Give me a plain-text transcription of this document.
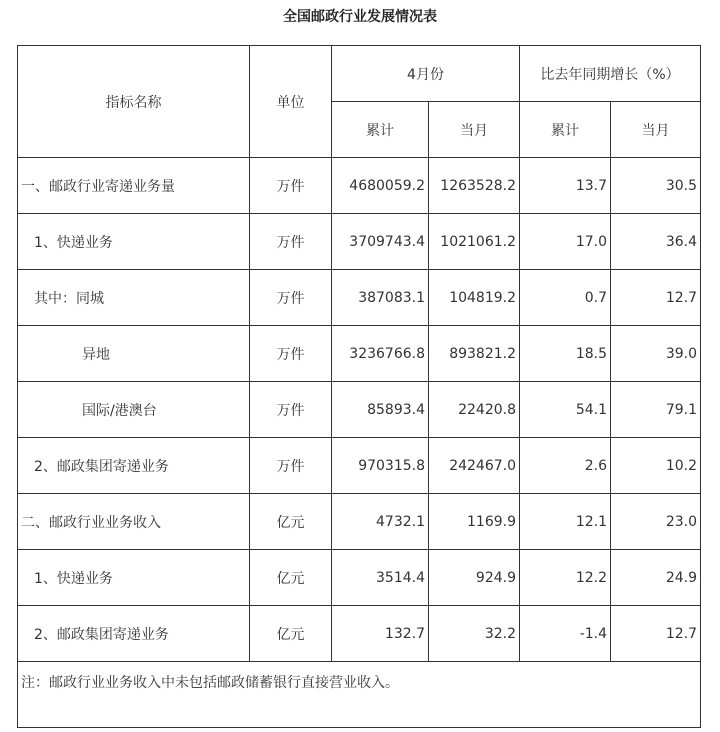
全国邮政行业发展情况表
指标名称	单位	4月份		比去年同期增长（%）	
		累计	当月	累计	当月
一、邮政行业寄递业务量	万件	4680059.2	1263528.2	13.7	30.5
1、快递业务	万件	3709743.4	1021061.2	17.0	36.4
其中：同城	万件	387083.1	104819.2	0.7	12.7
异地	万件	3236766.8	893821.2	18.5	39.0
国际/港澳台	万件	85893.4	22420.8	54.1	79.1
2、邮政集团寄递业务	万件	970315.8	242467.0	2.6	10.2
二、邮政行业业务收入	亿元	4732.1	1169.9	12.1	23.0
1、快递业务	亿元	3514.4	924.9	12.2	24.9
2、邮政集团寄递业务	亿元	132.7	32.2	-1.4	12.7
注：邮政行业业务收入中未包括邮政储蓄银行直接营业收入。					
